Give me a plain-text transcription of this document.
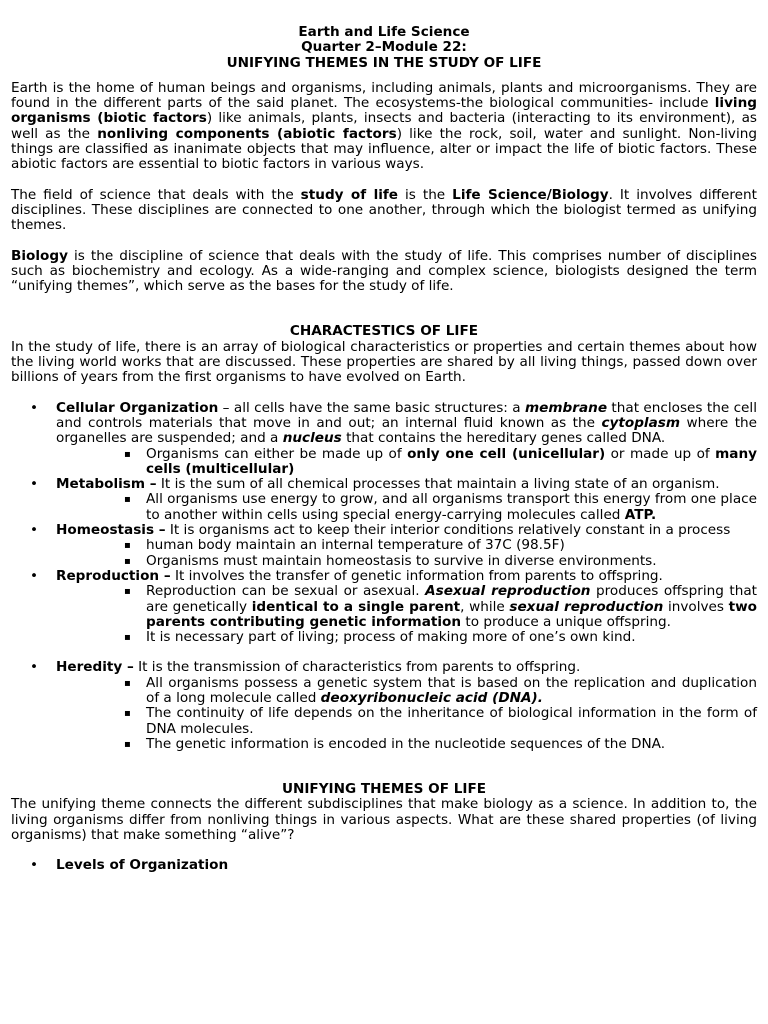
Earth and Life Science
Quarter 2–Module 22:
UNIFYING THEMES IN THE STUDY OF LIFE

Earth is the home of human beings and organisms, including animals, plants and microorganisms. They are found in the different parts of the said planet. The ecosystems-the biological communities- include living organisms (biotic factors) like animals, plants, insects and bacteria (interacting to its environment), as well as the nonliving components (abiotic factors) like the rock, soil, water and sunlight. Non-living things are classified as inanimate objects that may influence, alter or impact the life of biotic factors. These abiotic factors are essential to biotic factors in various ways.

The field of science that deals with the study of life is the Life Science/Biology. It involves different disciplines. These disciplines are connected to one another, through which the biologist termed as unifying themes.

Biology is the discipline of science that deals with the study of life. This comprises number of disciplines such as biochemistry and ecology. As a wide-ranging and complex science, biologists designed the term “unifying themes”, which serve as the bases for the study of life.

CHARACTESTICS OF LIFE

In the study of life, there is an array of biological characteristics or properties and certain themes about how the living world works that are discussed. These properties are shared by all living things, passed down over billions of years from the first organisms to have evolved on Earth.

• Cellular Organization – all cells have the same basic structures: a membrane that encloses the cell and controls materials that move in and out; an internal fluid known as the cytoplasm where the organelles are suspended; and a nucleus that contains the hereditary genes called DNA.
▪ Organisms can either be made up of only one cell (unicellular) or made up of many cells (multicellular)
• Metabolism – It is the sum of all chemical processes that maintain a living state of an organism.
▪ All organisms use energy to grow, and all organisms transport this energy from one place to another within cells using special energy-carrying molecules called ATP.
• Homeostasis – It is organisms act to keep their interior conditions relatively constant in a process
▪ human body maintain an internal temperature of 37C (98.5F)
▪ Organisms must maintain homeostasis to survive in diverse environments.
• Reproduction – It involves the transfer of genetic information from parents to offspring.
▪ Reproduction can be sexual or asexual. Asexual reproduction produces offspring that are genetically identical to a single parent, while sexual reproduction involves two parents contributing genetic information to produce a unique offspring.
▪ It is necessary part of living; process of making more of one’s own kind.
• Heredity – It is the transmission of characteristics from parents to offspring.
▪ All organisms possess a genetic system that is based on the replication and duplication of a long molecule called deoxyribonucleic acid (DNA).
▪ The continuity of life depends on the inheritance of biological information in the form of DNA molecules.
▪ The genetic information is encoded in the nucleotide sequences of the DNA.
UNIFYING THEMES OF LIFE

The unifying theme connects the different subdisciplines that make biology as a science. In addition to, the living organisms differ from nonliving things in various aspects. What are these shared properties (of living organisms) that make something “alive”?

• Levels of Organization
